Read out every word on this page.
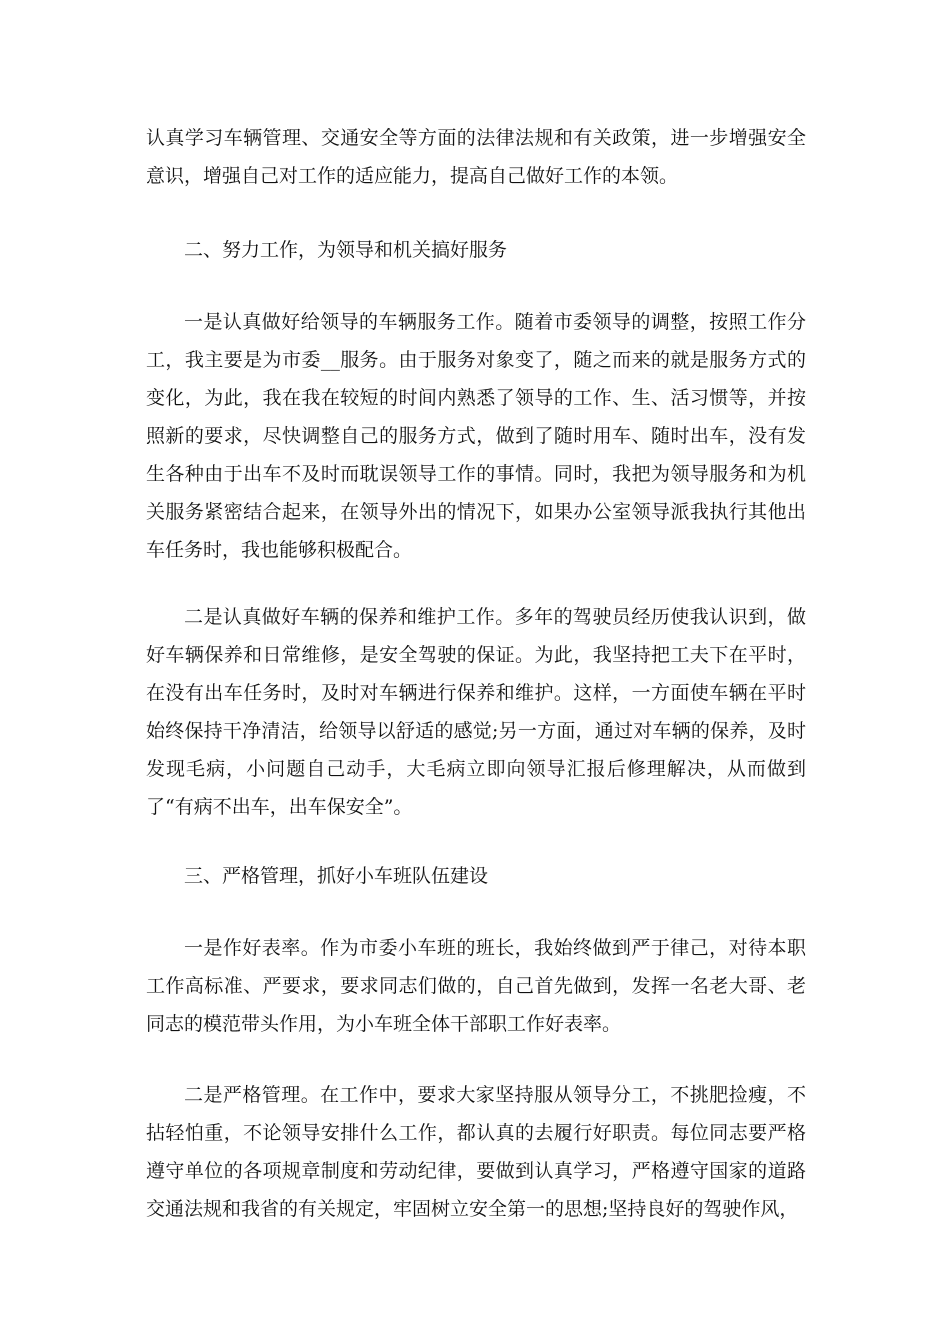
认真学习车辆管理、交通安全等方面的法律法规和有关政策，进一步增强安全意识，增强自己对工作的适应能力，提高自己做好工作的本领。

二、努力工作，为领导和机关搞好服务

一是认真做好给领导的车辆服务工作。随着市委领导的调整，按照工作分工，我主要是为市委__服务。由于服务对象变了，随之而来的就是服务方式的变化，为此，我在我在较短的时间内熟悉了领导的工作、生、活习惯等，并按照新的要求，尽快调整自己的服务方式，做到了随时用车、随时出车，没有发生各种由于出车不及时而耽误领导工作的事情。同时，我把为领导服务和为机关服务紧密结合起来，在领导外出的情况下，如果办公室领导派我执行其他出车任务时，我也能够积极配合。

二是认真做好车辆的保养和维护工作。多年的驾驶员经历使我认识到，做好车辆保养和日常维修，是安全驾驶的保证。为此，我坚持把工夫下在平时，在没有出车任务时，及时对车辆进行保养和维护。这样，一方面使车辆在平时始终保持干净清洁，给领导以舒适的感觉;另一方面，通过对车辆的保养，及时发现毛病，小问题自己动手，大毛病立即向领导汇报后修理解决，从而做到了“有病不出车，出车保安全”。

三、严格管理，抓好小车班队伍建设

一是作好表率。作为市委小车班的班长，我始终做到严于律己，对待本职工作高标准、严要求，要求同志们做的，自己首先做到，发挥一名老大哥、老同志的模范带头作用，为小车班全体干部职工作好表率。

二是严格管理。在工作中，要求大家坚持服从领导分工，不挑肥捡瘦，不拈轻怕重，不论领导安排什么工作，都认真的去履行好职责。每位同志要严格遵守单位的各项规章制度和劳动纪律，要做到认真学习，严格遵守国家的道路交通法规和我省的有关规定，牢固树立安全第一的思想;坚持良好的驾驶作风，
